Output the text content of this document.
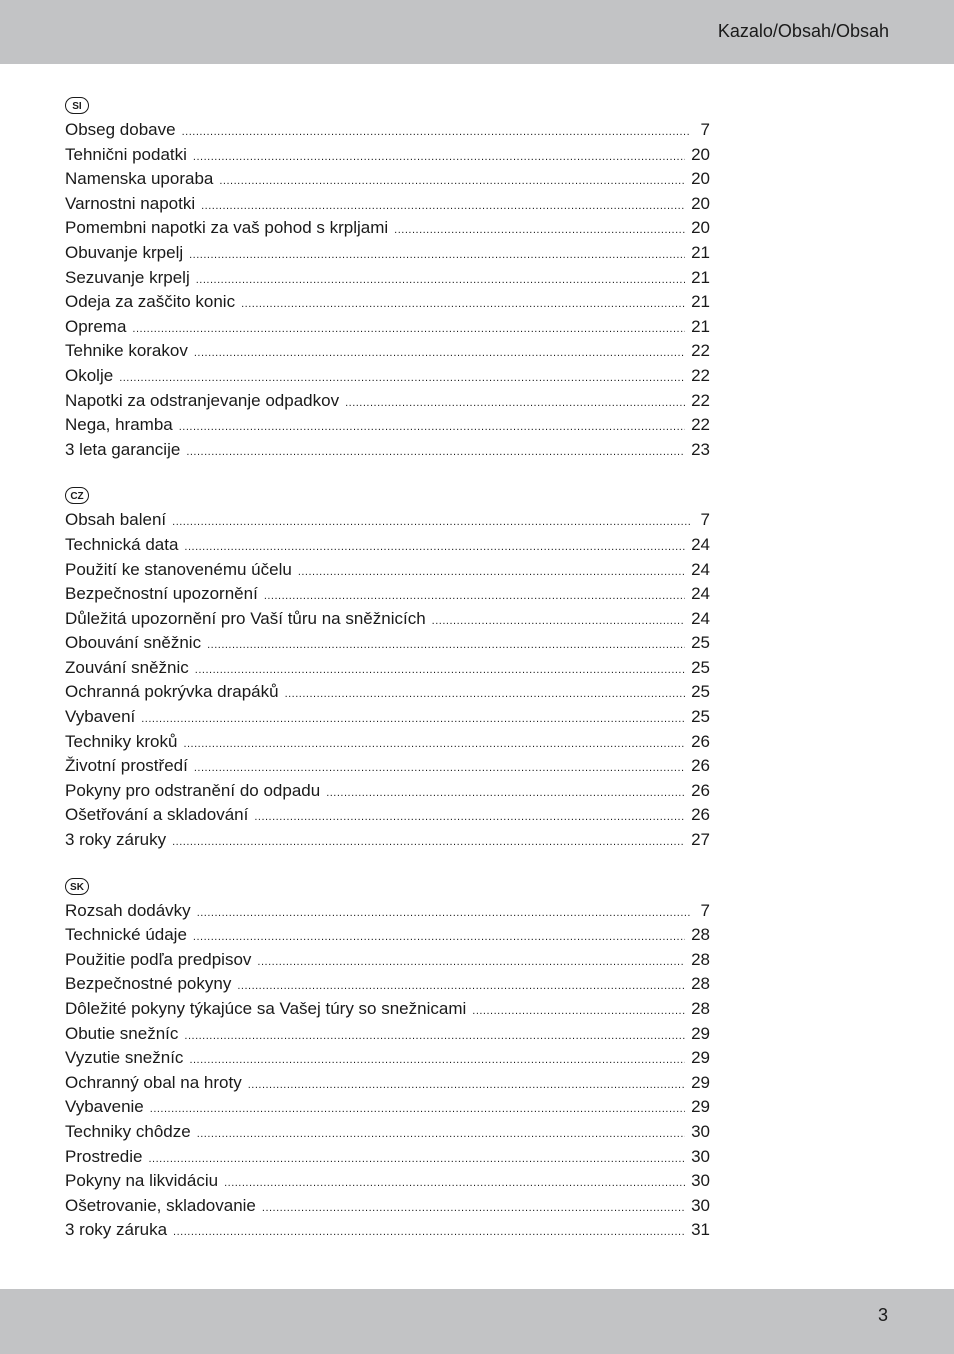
Kazalo/Obsah/Obsah
SI
Obseg dobave .....	7
Tehnični podatki .....	20
Namenska uporaba .....	20
Varnostni napotki .....	20
Pomembni napotki za vaš pohod s krpljami .....	20
Obuvanje krpelj .....	21
Sezuvanje krpelj .....	21
Odeja za zaščito konic .....	21
Oprema .....	21
Tehnike korakov .....	22
Okolje .....	22
Napotki za odstranjevanje odpadkov .....	22
Nega, hramba .....	22
3 leta garancije .....	23
CZ
Obsah balení .....	7
Technická data .....	24
Použití ke stanovenému účelu .....	24
Bezpečnostní upozornění .....	24
Důležitá upozornění pro Vaší tůru na sněžnicích .....	24
Obouvání sněžnic .....	25
Zouvání sněžnic .....	25
Ochranná pokrývka drapáků .....	25
Vybavení .....	25
Techniky kroků .....	26
Životní prostředí .....	26
Pokyny pro odstranění do odpadu .....	26
Ošetřování a skladování .....	26
3 roky záruky .....	27
SK
Rozsah dodávky .....	7
Technické údaje .....	28
Použitie podľa predpisov .....	28
Bezpečnostné pokyny .....	28
Dôležité pokyny týkajúce sa Vašej túry so snežnicami .....	28
Obutie snežníc .....	29
Vyzutie snežníc .....	29
Ochranný obal na hroty .....	29
Vybavenie .....	29
Techniky chôdze .....	30
Prostredie .....	30
Pokyny na likvidáciu .....	30
Ošetrovanie, skladovanie .....	30
3 roky záruka .....	31
3
